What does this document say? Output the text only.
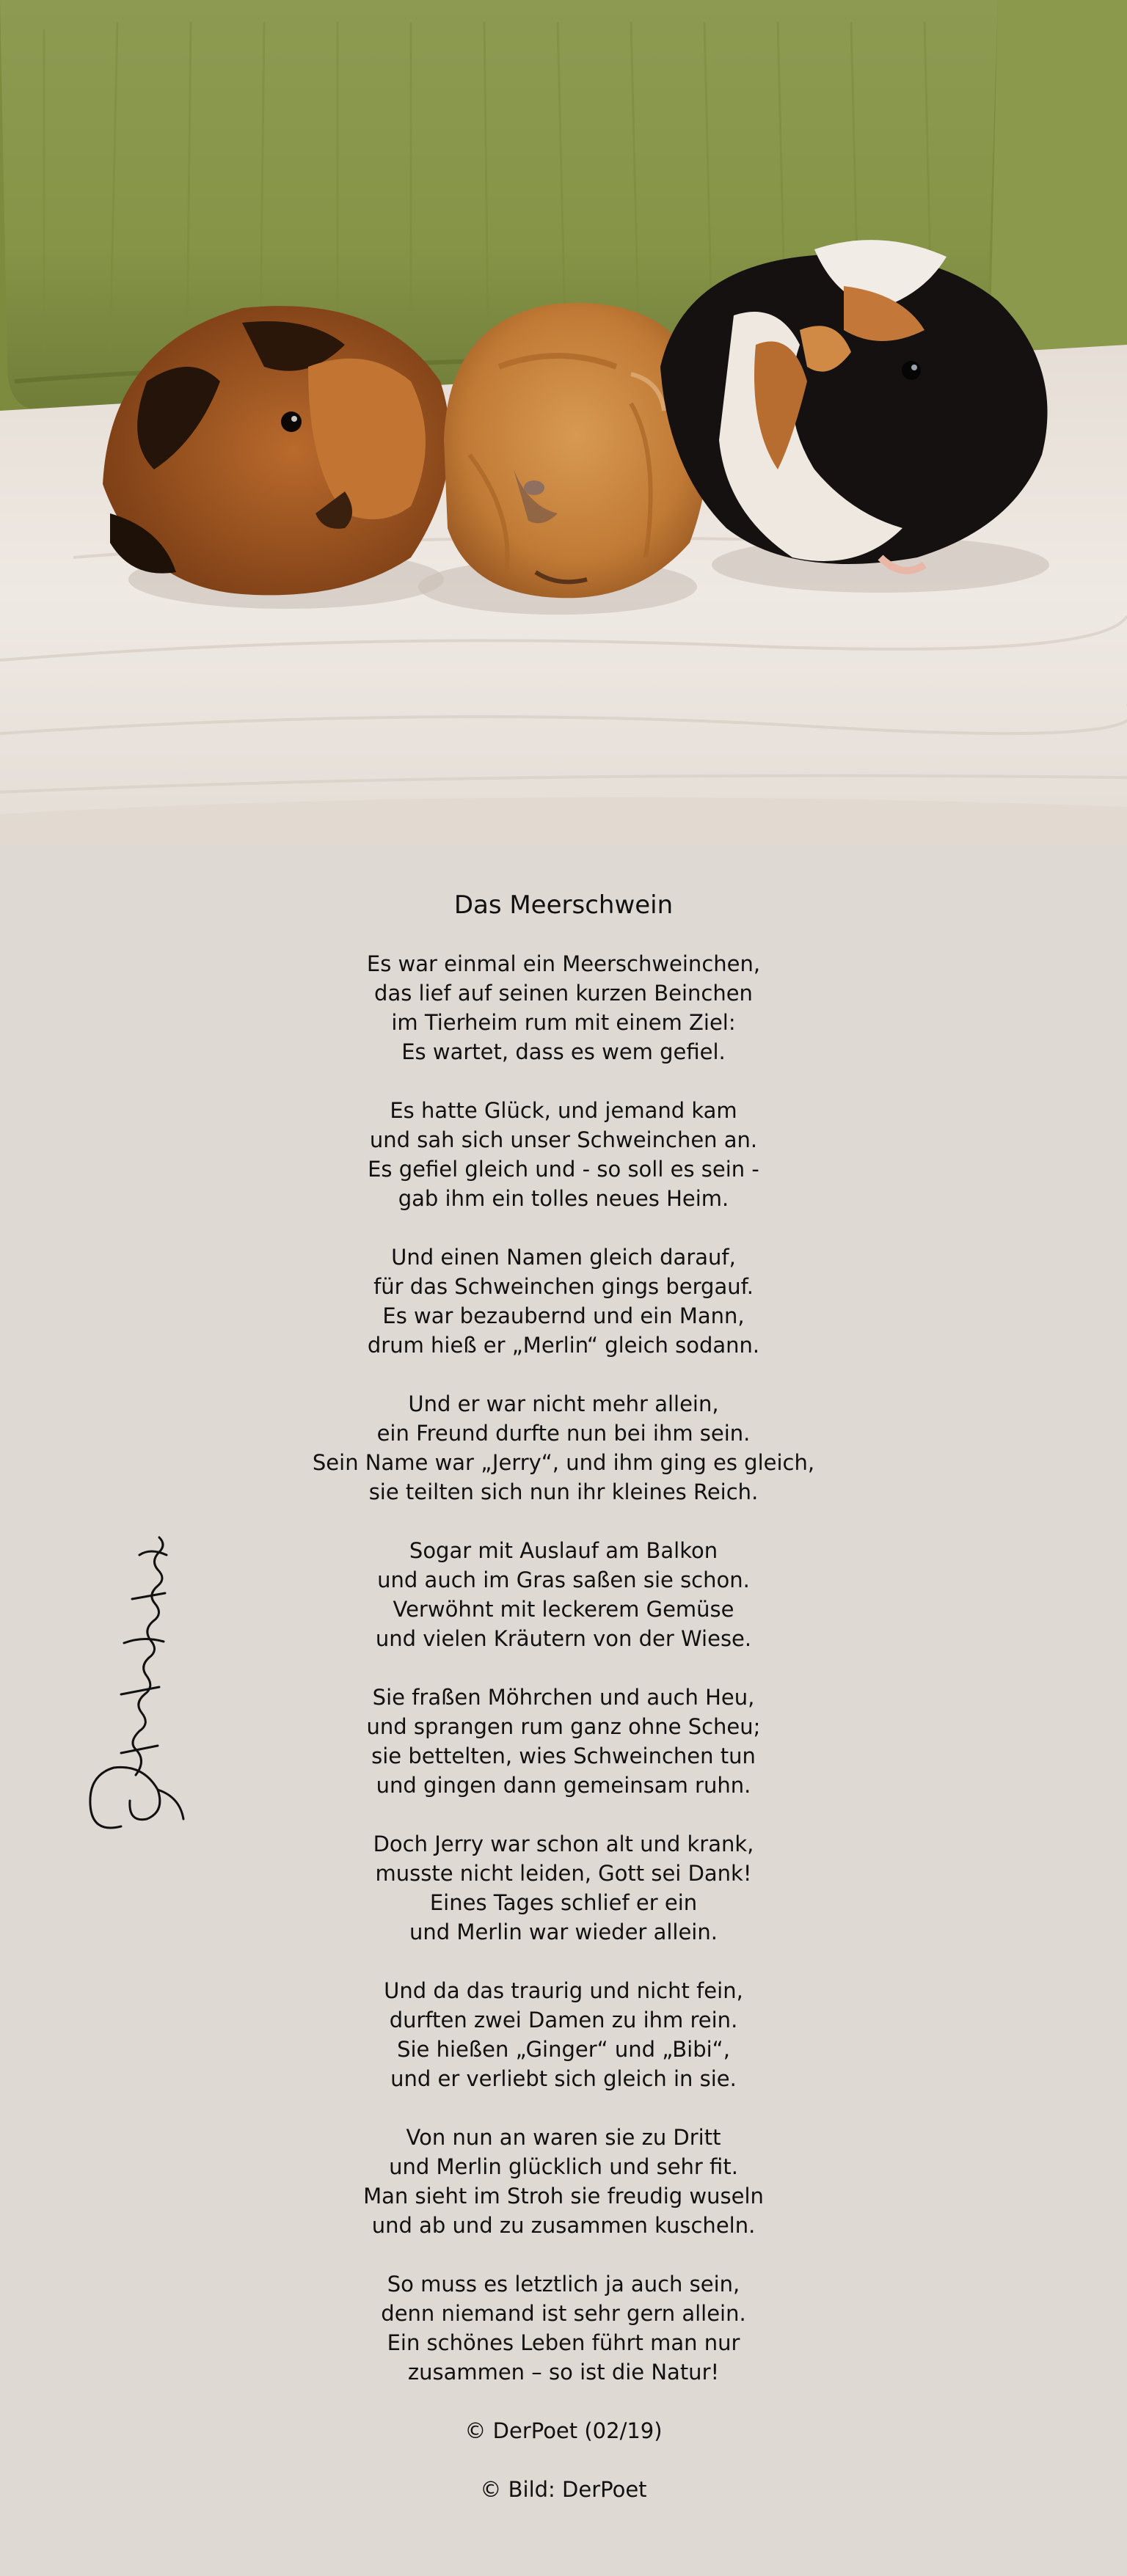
Das Meerschwein
Es war einmal ein Meerschweinchen,
das lief auf seinen kurzen Beinchen
im Tierheim rum mit einem Ziel:
Es wartet, dass es wem gefiel.
Es hatte Glück, und jemand kam
und sah sich unser Schweinchen an.
Es gefiel gleich und - so soll es sein -
gab ihm ein tolles neues Heim.
Und einen Namen gleich darauf,
für das Schweinchen gings bergauf.
Es war bezaubernd und ein Mann,
drum hieß er „Merlin“ gleich sodann.
Und er war nicht mehr allein,
ein Freund durfte nun bei ihm sein.
Sein Name war „Jerry“, und ihm ging es gleich,
sie teilten sich nun ihr kleines Reich.
Sogar mit Auslauf am Balkon
und auch im Gras saßen sie schon.
Verwöhnt mit leckerem Gemüse
und vielen Kräutern von der Wiese.
Sie fraßen Möhrchen und auch Heu,
und sprangen rum ganz ohne Scheu;
sie bettelten, wies Schweinchen tun
und gingen dann gemeinsam ruhn.
Doch Jerry war schon alt und krank,
musste nicht leiden, Gott sei Dank!
Eines Tages schlief er ein
und Merlin war wieder allein.
Und da das traurig und nicht fein,
durften zwei Damen zu ihm rein.
Sie hießen „Ginger“ und „Bibi“,
und er verliebt sich gleich in sie.
Von nun an waren sie zu Dritt
und Merlin glücklich und sehr fit.
Man sieht im Stroh sie freudig wuseln
und ab und zu zusammen kuscheln.
So muss es letztlich ja auch sein,
denn niemand ist sehr gern allein.
Ein schönes Leben führt man nur
zusammen – so ist die Natur!
© DerPoet (02/19)
© Bild: DerPoet
